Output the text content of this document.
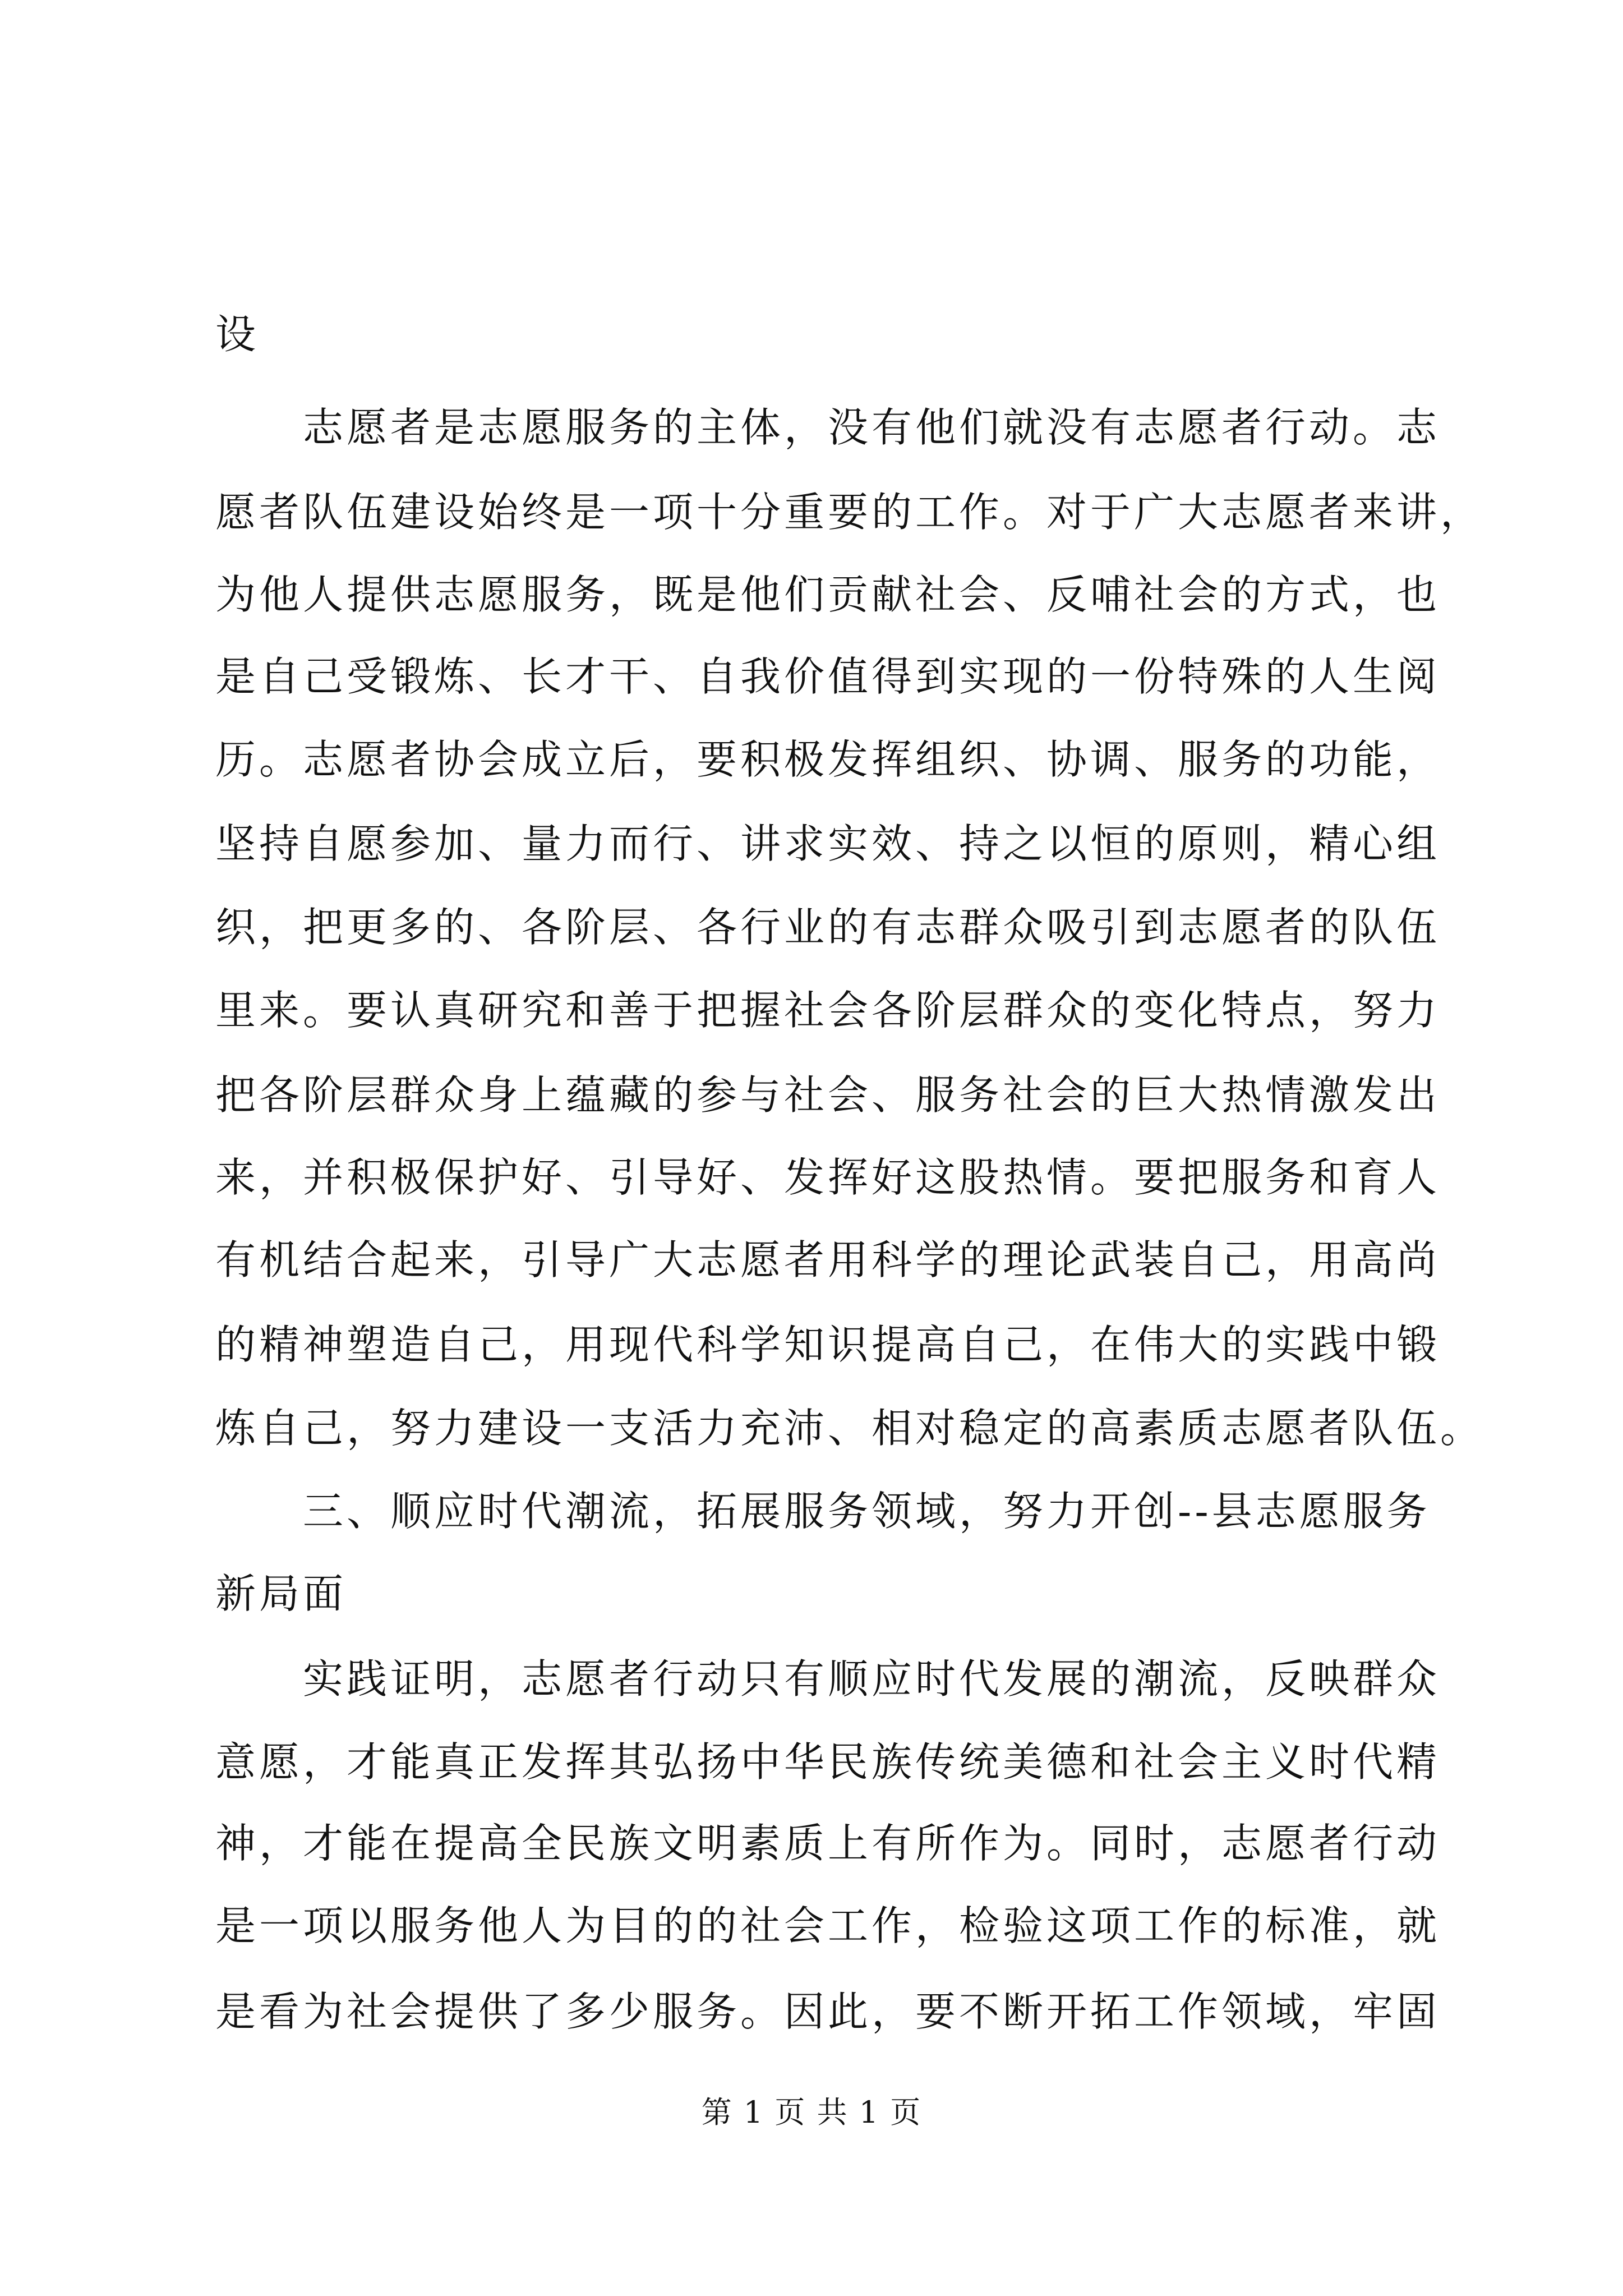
设
志愿者是志愿服务的主体，没有他们就没有志愿者行动。志
愿者队伍建设始终是一项十分重要的工作。对于广大志愿者来讲，
为他人提供志愿服务，既是他们贡献社会、反哺社会的方式，也
是自己受锻炼、长才干、自我价值得到实现的一份特殊的人生阅
历。志愿者协会成立后，要积极发挥组织、协调、服务的功能，
坚持自愿参加、量力而行、讲求实效、持之以恒的原则，精心组
织，把更多的、各阶层、各行业的有志群众吸引到志愿者的队伍
里来。要认真研究和善于把握社会各阶层群众的变化特点，努力
把各阶层群众身上蕴藏的参与社会、服务社会的巨大热情激发出
来，并积极保护好、引导好、发挥好这股热情。要把服务和育人
有机结合起来，引导广大志愿者用科学的理论武装自己，用高尚
的精神塑造自己，用现代科学知识提高自己，在伟大的实践中锻
炼自己，努力建设一支活力充沛、相对稳定的高素质志愿者队伍。
三、顺应时代潮流，拓展服务领域，努力开创--县志愿服务
新局面
实践证明，志愿者行动只有顺应时代发展的潮流，反映群众
意愿，才能真正发挥其弘扬中华民族传统美德和社会主义时代精
神，才能在提高全民族文明素质上有所作为。同时，志愿者行动
是一项以服务他人为目的的社会工作，检验这项工作的标准，就
是看为社会提供了多少服务。因此，要不断开拓工作领域，牢固
第 1 页 共 1 页
